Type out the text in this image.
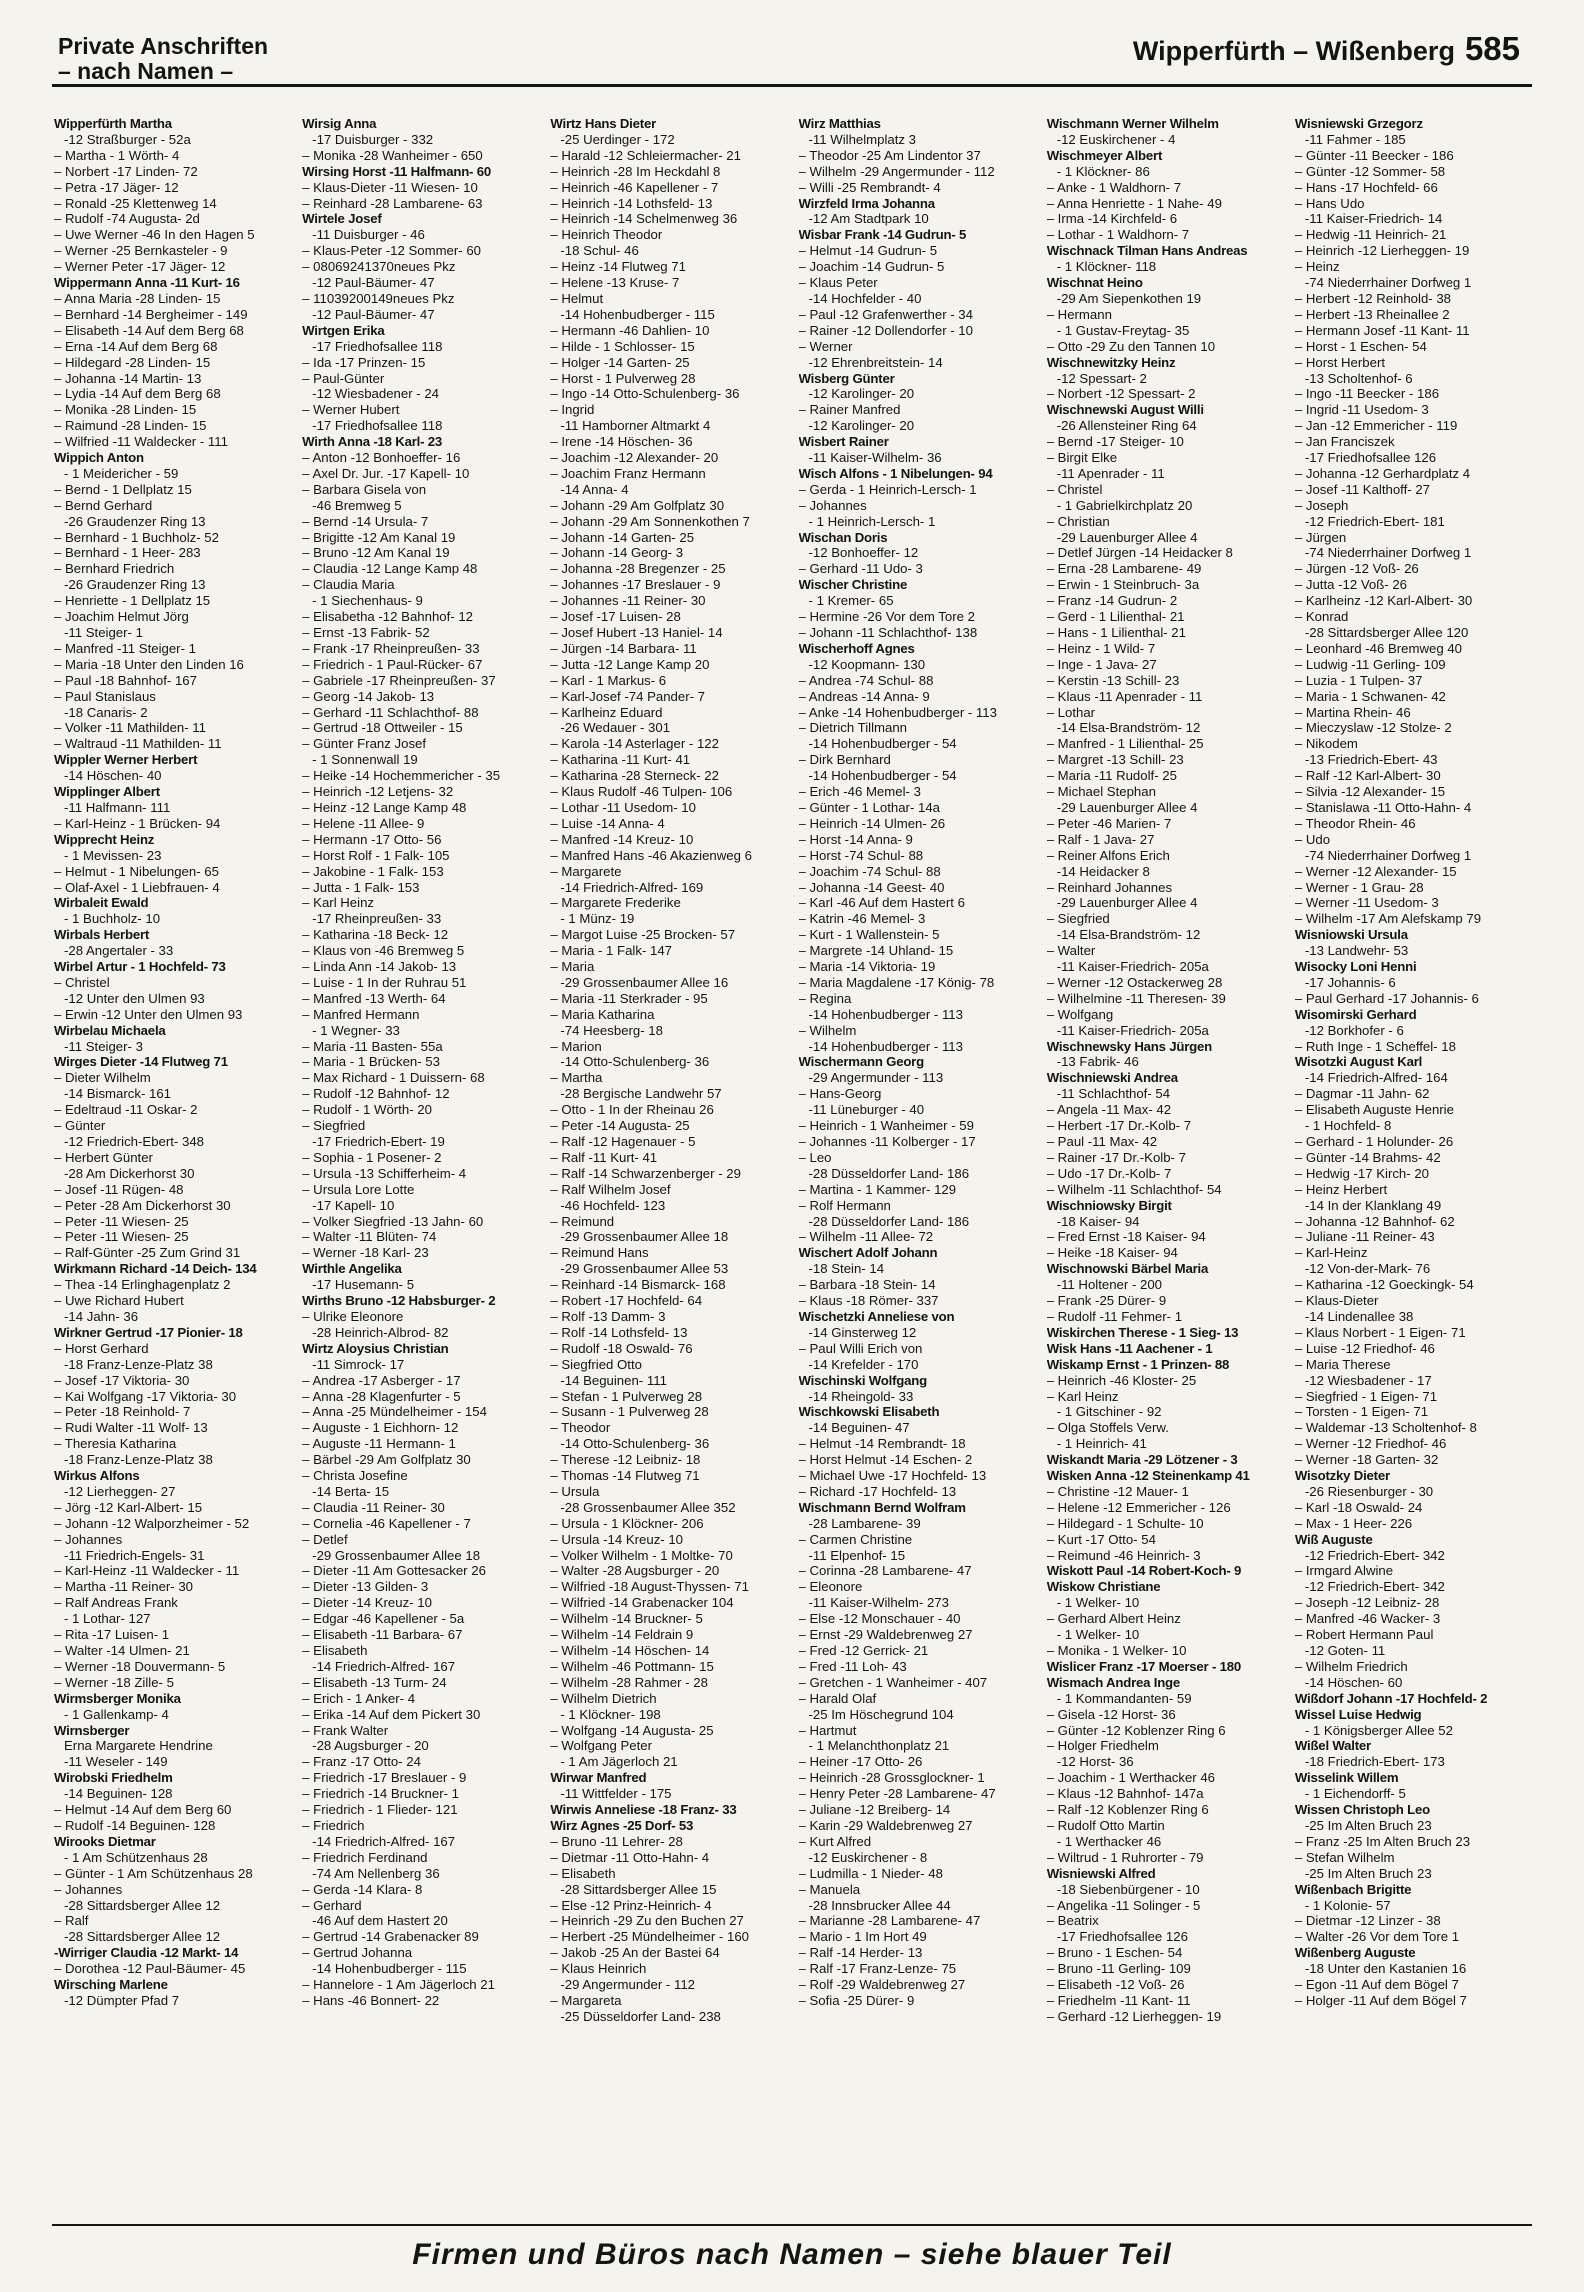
Private Anschriften
– nach Namen –
Wipperfürth – Wißenberg 585
Wipperfürth Martha
-12 Straßburger - 52a
– Martha - 1 Wörth- 4
– Norbert -17 Linden- 72
– Petra -17 Jäger- 12
– Ronald -25 Klettenweg 14
– Rudolf -74 Augusta- 2d
– Uwe Werner -46 In den Hagen 5
– Werner -25 Bernkasteler - 9
– Werner Peter -17 Jäger- 12
Wippermann Anna -11 Kurt- 16
– Anna Maria -28 Linden- 15
– Bernhard -14 Bergheimer - 149
– Elisabeth -14 Auf dem Berg 68
– Erna -14 Auf dem Berg 68
– Hildegard -28 Linden- 15
– Johanna -14 Martin- 13
– Lydia -14 Auf dem Berg 68
– Monika -28 Linden- 15
– Raimund -28 Linden- 15
– Wilfried -11 Waldecker - 111
Wippich Anton
- 1 Meidericher - 59
– Bernd - 1 Dellplatz 15
– Bernd Gerhard
-26 Graudenzer Ring 13
– Bernhard - 1 Buchholz- 52
– Bernhard - 1 Heer- 283
– Bernhard Friedrich
-26 Graudenzer Ring 13
– Henriette - 1 Dellplatz 15
– Joachim Helmut Jörg
-11 Steiger- 1
– Manfred -11 Steiger- 1
– Maria -18 Unter den Linden 16
– Paul -18 Bahnhof- 167
– Paul Stanislaus
-18 Canaris- 2
– Volker -11 Mathilden- 11
– Waltraud -11 Mathilden- 11
Wippler Werner Herbert
-14 Höschen- 40
Wipplinger Albert
-11 Halfmann- 111
– Karl-Heinz - 1 Brücken- 94
Wipprecht Heinz
- 1 Mevissen- 23
– Helmut - 1 Nibelungen- 65
– Olaf-Axel - 1 Liebfrauen- 4
Wirbaleit Ewald
- 1 Buchholz- 10
Wirbals Herbert
-28 Angertaler - 33
Wirbel Artur - 1 Hochfeld- 73
– Christel
-12 Unter den Ulmen 93
– Erwin -12 Unter den Ulmen 93
Wirbelau Michaela
-11 Steiger- 3
Wirges Dieter -14 Flutweg 71
– Dieter Wilhelm
-14 Bismarck- 161
– Edeltraud -11 Oskar- 2
– Günter
-12 Friedrich-Ebert- 348
– Herbert Günter
-28 Am Dickerhorst 30
– Josef -11 Rügen- 48
– Peter -28 Am Dickerhorst 30
– Peter -11 Wiesen- 25
– Peter -11 Wiesen- 25
– Ralf-Günter -25 Zum Grind 31
Wirkmann Richard -14 Deich- 134
– Thea -14 Erlinghagenplatz 2
– Uwe Richard Hubert
-14 Jahn- 36
Wirkner Gertrud -17 Pionier- 18
– Horst Gerhard
-18 Franz-Lenze-Platz 38
– Josef -17 Viktoria- 30
– Kai Wolfgang -17 Viktoria- 30
– Peter -18 Reinhold- 7
– Rudi Walter -11 Wolf- 13
– Theresia Katharina
-18 Franz-Lenze-Platz 38
Wirkus Alfons
-12 Lierheggen- 27
– Jörg -12 Karl-Albert- 15
– Johann -12 Walporzheimer - 52
– Johannes
-11 Friedrich-Engels- 31
– Karl-Heinz -11 Waldecker - 11
– Martha -11 Reiner- 30
– Ralf Andreas Frank
- 1 Lothar- 127
– Rita -17 Luisen- 1
– Walter -14 Ulmen- 21
– Werner -18 Douvermann- 5
– Werner -18 Zille- 5
Wirmsberger Monika
- 1 Gallenkamp- 4
Wirnsberger
Erna Margarete Hendrine
-11 Weseler - 149
Wirobski Friedhelm
-14 Beguinen- 128
– Helmut -14 Auf dem Berg 60
– Rudolf -14 Beguinen- 128
Wirooks Dietmar
- 1 Am Schützenhaus 28
– Günter - 1 Am Schützenhaus 28
– Johannes
-28 Sittardsberger Allee 12
– Ralf
-28 Sittardsberger Allee 12
-Wirriger Claudia -12 Markt- 14
– Dorothea -12 Paul-Bäumer- 45
Wirsching Marlene
-12 Dümpter Pfad 7
Wirsig Anna
-17 Duisburger - 332
– Monika -28 Wanheimer - 650
Wirsing Horst -11 Halfmann- 60
– Klaus-Dieter -11 Wiesen- 10
– Reinhard -28 Lambarene- 63
Wirtele Josef
-11 Duisburger - 46
– Klaus-Peter -12 Sommer- 60
– 08069241370neues Pkz
-12 Paul-Bäumer- 47
– 11039200149neues Pkz
-12 Paul-Bäumer- 47
Wirtgen Erika
-17 Friedhofsallee 118
– Ida -17 Prinzen- 15
– Paul-Günter
-12 Wiesbadener - 24
– Werner Hubert
-17 Friedhofsallee 118
Wirth Anna -18 Karl- 23
– Anton -12 Bonhoeffer- 16
– Axel Dr. Jur. -17 Kapell- 10
– Barbara Gisela von
-46 Bremweg 5
– Bernd -14 Ursula- 7
– Brigitte -12 Am Kanal 19
– Bruno -12 Am Kanal 19
– Claudia -12 Lange Kamp 48
– Claudia Maria
- 1 Siechenhaus- 9
– Elisabetha -12 Bahnhof- 12
– Ernst -13 Fabrik- 52
– Frank -17 Rheinpreußen- 33
– Friedrich - 1 Paul-Rücker- 67
– Gabriele -17 Rheinpreußen- 37
– Georg -14 Jakob- 13
– Gerhard -11 Schlachthof- 88
– Gertrud -18 Ottweiler - 15
– Günter Franz Josef
- 1 Sonnenwall 19
– Heike -14 Hochemmericher - 35
– Heinrich -12 Letjens- 32
– Heinz -12 Lange Kamp 48
– Helene -11 Allee- 9
– Hermann -17 Otto- 56
– Horst Rolf - 1 Falk- 105
– Jakobine - 1 Falk- 153
– Jutta - 1 Falk- 153
– Karl Heinz
-17 Rheinpreußen- 33
– Katharina -18 Beck- 12
– Klaus von -46 Bremweg 5
– Linda Ann -14 Jakob- 13
– Luise - 1 In der Ruhrau 51
– Manfred -13 Werth- 64
– Manfred Hermann
- 1 Wegner- 33
– Maria -11 Basten- 55a
– Maria - 1 Brücken- 53
– Max Richard - 1 Duissern- 68
– Rudolf -12 Bahnhof- 12
– Rudolf - 1 Wörth- 20
– Siegfried
-17 Friedrich-Ebert- 19
– Sophia - 1 Posener- 2
– Ursula -13 Schifferheim- 4
– Ursula Lore Lotte
-17 Kapell- 10
– Volker Siegfried -13 Jahn- 60
– Walter -11 Blüten- 74
– Werner -18 Karl- 23
Wirthle Angelika
-17 Husemann- 5
Wirths Bruno -12 Habsburger- 2
– Ulrike Eleonore
-28 Heinrich-Albrod- 82
Wirtz Aloysius Christian
-11 Simrock- 17
– Andrea -17 Asberger - 17
– Anna -28 Klagenfurter - 5
– Anna -25 Mündelheimer - 154
– Auguste - 1 Eichhorn- 12
– Auguste -11 Hermann- 1
– Bärbel -29 Am Golfplatz 30
– Christa Josefine
-14 Berta- 15
– Claudia -11 Reiner- 30
– Cornelia -46 Kapellener - 7
– Detlef
-29 Grossenbaumer Allee 18
– Dieter -11 Am Gottesacker 26
– Dieter -13 Gilden- 3
– Dieter -14 Kreuz- 10
– Edgar -46 Kapellener - 5a
– Elisabeth -11 Barbara- 67
– Elisabeth
-14 Friedrich-Alfred- 167
– Elisabeth -13 Turm- 24
– Erich - 1 Anker- 4
– Erika -14 Auf dem Pickert 30
– Frank Walter
-28 Augsburger - 20
– Franz -17 Otto- 24
– Friedrich -17 Breslauer - 9
– Friedrich -14 Bruckner- 1
– Friedrich - 1 Flieder- 121
– Friedrich
-14 Friedrich-Alfred- 167
– Friedrich Ferdinand
-74 Am Nellenberg 36
– Gerda -14 Klara- 8
– Gerhard
-46 Auf dem Hastert 20
– Gertrud -14 Grabenacker 89
– Gertrud Johanna
-14 Hohenbudberger - 115
– Hannelore - 1 Am Jägerloch 21
– Hans -46 Bonnert- 22
Wirtz Hans Dieter
-25 Uerdinger - 172
– Harald -12 Schleiermacher- 21
– Heinrich -28 Im Heckdahl 8
– Heinrich -46 Kapellener - 7
– Heinrich -14 Lothsfeld- 13
– Heinrich -14 Schelmenweg 36
– Heinrich Theodor
-18 Schul- 46
– Heinz -14 Flutweg 71
– Helene -13 Kruse- 7
– Helmut
-14 Hohenbudberger - 115
– Hermann -46 Dahlien- 10
– Hilde - 1 Schlosser- 15
– Holger -14 Garten- 25
– Horst - 1 Pulverweg 28
– Ingo -14 Otto-Schulenberg- 36
– Ingrid
-11 Hamborner Altmarkt 4
– Irene -14 Höschen- 36
– Joachim -12 Alexander- 20
– Joachim Franz Hermann
-14 Anna- 4
– Johann -29 Am Golfplatz 30
– Johann -29 Am Sonnenkothen 7
– Johann -14 Garten- 25
– Johann -14 Georg- 3
– Johanna -28 Bregenzer - 25
– Johannes -17 Breslauer - 9
– Johannes -11 Reiner- 30
– Josef -17 Luisen- 28
– Josef Hubert -13 Haniel- 14
– Jürgen -14 Barbara- 11
– Jutta -12 Lange Kamp 20
– Karl - 1 Markus- 6
– Karl-Josef -74 Pander- 7
– Karlheinz Eduard
-26 Wedauer - 301
– Karola -14 Asterlager - 122
– Katharina -11 Kurt- 41
– Katharina -28 Sterneck- 22
– Klaus Rudolf -46 Tulpen- 106
– Lothar -11 Usedom- 10
– Luise -14 Anna- 4
– Manfred -14 Kreuz- 10
– Manfred Hans -46 Akazienweg 6
– Margarete
-14 Friedrich-Alfred- 169
– Margarete Frederike
- 1 Münz- 19
– Margot Luise -25 Brocken- 57
– Maria - 1 Falk- 147
– Maria
-29 Grossenbaumer Allee 16
– Maria -11 Sterkrader - 95
– Maria Katharina
-74 Heesberg- 18
– Marion
-14 Otto-Schulenberg- 36
– Martha
-28 Bergische Landwehr 57
– Otto - 1 In der Rheinau 26
– Peter -14 Augusta- 25
– Ralf -12 Hagenauer - 5
– Ralf -11 Kurt- 41
– Ralf -14 Schwarzenberger - 29
– Ralf Wilhelm Josef
-46 Hochfeld- 123
– Reimund
-29 Grossenbaumer Allee 18
– Reimund Hans
-29 Grossenbaumer Allee 53
– Reinhard -14 Bismarck- 168
– Robert -17 Hochfeld- 64
– Rolf -13 Damm- 3
– Rolf -14 Lothsfeld- 13
– Rudolf -18 Oswald- 76
– Siegfried Otto
-14 Beguinen- 111
– Stefan - 1 Pulverweg 28
– Susann - 1 Pulverweg 28
– Theodor
-14 Otto-Schulenberg- 36
– Therese -12 Leibniz- 18
– Thomas -14 Flutweg 71
– Ursula
-28 Grossenbaumer Allee 352
– Ursula - 1 Klöckner- 206
– Ursula -14 Kreuz- 10
– Volker Wilhelm - 1 Moltke- 70
– Walter -28 Augsburger - 20
– Wilfried -18 August-Thyssen- 71
– Wilfried -14 Grabenacker 104
– Wilhelm -14 Bruckner- 5
– Wilhelm -14 Feldrain 9
– Wilhelm -14 Höschen- 14
– Wilhelm -46 Pottmann- 15
– Wilhelm -28 Rahmer - 28
– Wilhelm Dietrich
- 1 Klöckner- 198
– Wolfgang -14 Augusta- 25
– Wolfgang Peter
- 1 Am Jägerloch 21
Wirwar Manfred
-11 Wittfelder - 175
Wirwis Anneliese -18 Franz- 33
Wirz Agnes -25 Dorf- 53
– Bruno -11 Lehrer- 28
– Dietmar -11 Otto-Hahn- 4
– Elisabeth
-28 Sittardsberger Allee 15
– Else -12 Prinz-Heinrich- 4
– Heinrich -29 Zu den Buchen 27
– Herbert -25 Mündelheimer - 160
– Jakob -25 An der Bastei 64
– Klaus Heinrich
-29 Angermunder - 112
– Margareta
-25 Düsseldorfer Land- 238
Wirz Matthias
-11 Wilhelmplatz 3
– Theodor -25 Am Lindentor 37
– Wilhelm -29 Angermunder - 112
– Willi -25 Rembrandt- 4
Wirzfeld Irma Johanna
-12 Am Stadtpark 10
Wisbar Frank -14 Gudrun- 5
– Helmut -14 Gudrun- 5
– Joachim -14 Gudrun- 5
– Klaus Peter
-14 Hochfelder - 40
– Paul -12 Grafenwerther - 34
– Rainer -12 Dollendorfer - 10
– Werner
-12 Ehrenbreitstein- 14
Wisberg Günter
-12 Karolinger- 20
– Rainer Manfred
-12 Karolinger- 20
Wisbert Rainer
-11 Kaiser-Wilhelm- 36
Wisch Alfons - 1 Nibelungen- 94
– Gerda - 1 Heinrich-Lersch- 1
– Johannes
- 1 Heinrich-Lersch- 1
Wischan Doris
-12 Bonhoeffer- 12
– Gerhard -11 Udo- 3
Wischer Christine
- 1 Kremer- 65
– Hermine -26 Vor dem Tore 2
– Johann -11 Schlachthof- 138
Wischerhoff Agnes
-12 Koopmann- 130
– Andrea -74 Schul- 88
– Andreas -14 Anna- 9
– Anke -14 Hohenbudberger - 113
– Dietrich Tillmann
-14 Hohenbudberger - 54
– Dirk Bernhard
-14 Hohenbudberger - 54
– Erich -46 Memel- 3
– Günter - 1 Lothar- 14a
– Heinrich -14 Ulmen- 26
– Horst -14 Anna- 9
– Horst -74 Schul- 88
– Joachim -74 Schul- 88
– Johanna -14 Geest- 40
– Karl -46 Auf dem Hastert 6
– Katrin -46 Memel- 3
– Kurt - 1 Wallenstein- 5
– Margrete -14 Uhland- 15
– Maria -14 Viktoria- 19
– Maria Magdalene -17 König- 78
– Regina
-14 Hohenbudberger - 113
– Wilhelm
-14 Hohenbudberger - 113
Wischermann Georg
-29 Angermunder - 113
– Hans-Georg
-11 Lüneburger - 40
– Heinrich - 1 Wanheimer - 59
– Johannes -11 Kolberger - 17
– Leo
-28 Düsseldorfer Land- 186
– Martina - 1 Kammer- 129
– Rolf Hermann
-28 Düsseldorfer Land- 186
– Wilhelm -11 Allee- 72
Wischert Adolf Johann
-18 Stein- 14
– Barbara -18 Stein- 14
– Klaus -18 Römer- 337
Wischetzki Anneliese von
-14 Ginsterweg 12
– Paul Willi Erich von
-14 Krefelder - 170
Wischinski Wolfgang
-14 Rheingold- 33
Wischkowski Elisabeth
-14 Beguinen- 47
– Helmut -14 Rembrandt- 18
– Horst Helmut -14 Eschen- 2
– Michael Uwe -17 Hochfeld- 13
– Richard -17 Hochfeld- 13
Wischmann Bernd Wolfram
-28 Lambarene- 39
– Carmen Christine
-11 Elpenhof- 15
– Corinna -28 Lambarene- 47
– Eleonore
-11 Kaiser-Wilhelm- 273
– Else -12 Monschauer - 40
– Ernst -29 Waldebrenweg 27
– Fred -12 Gerrick- 21
– Fred -11 Loh- 43
– Gretchen - 1 Wanheimer - 407
– Harald Olaf
-25 Im Höschegrund 104
– Hartmut
- 1 Melanchthonplatz 21
– Heiner -17 Otto- 26
– Heinrich -28 Grossglockner- 1
– Henry Peter -28 Lambarene- 47
– Juliane -12 Breiberg- 14
– Karin -29 Waldebrenweg 27
– Kurt Alfred
-12 Euskirchener - 8
– Ludmilla - 1 Nieder- 48
– Manuela
-28 Innsbrucker Allee 44
– Marianne -28 Lambarene- 47
– Mario - 1 Im Hort 49
– Ralf -14 Herder- 13
– Ralf -17 Franz-Lenze- 75
– Rolf -29 Waldebrenweg 27
– Sofia -25 Dürer- 9
Wischmann Werner Wilhelm
-12 Euskirchener - 4
Wischmeyer Albert
- 1 Klöckner- 86
– Anke - 1 Waldhorn- 7
– Anna Henriette - 1 Nahe- 49
– Irma -14 Kirchfeld- 6
– Lothar - 1 Waldhorn- 7
Wischnack Tilman Hans Andreas
- 1 Klöckner- 118
Wischnat Heino
-29 Am Siepenkothen 19
– Hermann
- 1 Gustav-Freytag- 35
– Otto -29 Zu den Tannen 10
Wischnewitzky Heinz
-12 Spessart- 2
– Norbert -12 Spessart- 2
Wischnewski August Willi
-26 Allensteiner Ring 64
– Bernd -17 Steiger- 10
– Birgit Elke
-11 Apenrader - 11
– Christel
- 1 Gabrielkirchplatz 20
– Christian
-29 Lauenburger Allee 4
– Detlef Jürgen -14 Heidacker 8
– Erna -28 Lambarene- 49
– Erwin - 1 Steinbruch- 3a
– Franz -14 Gudrun- 2
– Gerd - 1 Lilienthal- 21
– Hans - 1 Lilienthal- 21
– Heinz - 1 Wild- 7
– Inge - 1 Java- 27
– Kerstin -13 Schill- 23
– Klaus -11 Apenrader - 11
– Lothar
-14 Elsa-Brandström- 12
– Manfred - 1 Lilienthal- 25
– Margret -13 Schill- 23
– Maria -11 Rudolf- 25
– Michael Stephan
-29 Lauenburger Allee 4
– Peter -46 Marien- 7
– Ralf - 1 Java- 27
– Reiner Alfons Erich
-14 Heidacker 8
– Reinhard Johannes
-29 Lauenburger Allee 4
– Siegfried
-14 Elsa-Brandström- 12
– Walter
-11 Kaiser-Friedrich- 205a
– Werner -12 Ostackerweg 28
– Wilhelmine -11 Theresen- 39
– Wolfgang
-11 Kaiser-Friedrich- 205a
Wischnewsky Hans Jürgen
-13 Fabrik- 46
Wischniewski Andrea
-11 Schlachthof- 54
– Angela -11 Max- 42
– Herbert -17 Dr.-Kolb- 7
– Paul -11 Max- 42
– Rainer -17 Dr.-Kolb- 7
– Udo -17 Dr.-Kolb- 7
– Wilhelm -11 Schlachthof- 54
Wischniowsky Birgit
-18 Kaiser- 94
– Fred Ernst -18 Kaiser- 94
– Heike -18 Kaiser- 94
Wischnowski Bärbel Maria
-11 Holtener - 200
– Frank -25 Dürer- 9
– Rudolf -11 Fehmer- 1
Wiskirchen Therese - 1 Sieg- 13
Wisk Hans -11 Aachener - 1
Wiskamp Ernst - 1 Prinzen- 88
– Heinrich -46 Kloster- 25
– Karl Heinz
- 1 Gitschiner - 92
– Olga Stoffels Verw.
- 1 Heinrich- 41
Wiskandt Maria -29 Lötzener - 3
Wisken Anna -12 Steinenkamp 41
– Christine -12 Mauer- 1
– Helene -12 Emmericher - 126
– Hildegard - 1 Schulte- 10
– Kurt -17 Otto- 54
– Reimund -46 Heinrich- 3
Wiskott Paul -14 Robert-Koch- 9
Wiskow Christiane
- 1 Welker- 10
– Gerhard Albert Heinz
- 1 Welker- 10
– Monika - 1 Welker- 10
Wislicer Franz -17 Moerser - 180
Wismach Andrea Inge
- 1 Kommandanten- 59
– Gisela -12 Horst- 36
– Günter -12 Koblenzer Ring 6
– Holger Friedhelm
-12 Horst- 36
– Joachim - 1 Werthacker 46
– Klaus -12 Bahnhof- 147a
– Ralf -12 Koblenzer Ring 6
– Rudolf Otto Martin
- 1 Werthacker 46
– Wiltrud - 1 Ruhrorter - 79
Wisniewski Alfred
-18 Siebenbürgener - 10
– Angelika -11 Solinger - 5
– Beatrix
-17 Friedhofsallee 126
– Bruno - 1 Eschen- 54
– Bruno -11 Gerling- 109
– Elisabeth -12 Voß- 26
– Friedhelm -11 Kant- 11
– Gerhard -12 Lierheggen- 19
Wisniewski Grzegorz
-11 Fahmer - 185
– Günter -11 Beecker - 186
– Günter -12 Sommer- 58
– Hans -17 Hochfeld- 66
– Hans Udo
-11 Kaiser-Friedrich- 14
– Hedwig -11 Heinrich- 21
– Heinrich -12 Lierheggen- 19
– Heinz
-74 Niederrhainer Dorfweg 1
– Herbert -12 Reinhold- 38
– Herbert -13 Rheinallee 2
– Hermann Josef -11 Kant- 11
– Horst - 1 Eschen- 54
– Horst Herbert
-13 Scholtenhof- 6
– Ingo -11 Beecker - 186
– Ingrid -11 Usedom- 3
– Jan -12 Emmericher - 119
– Jan Franciszek
-17 Friedhofsallee 126
– Johanna -12 Gerhardplatz 4
– Josef -11 Kalthoff- 27
– Joseph
-12 Friedrich-Ebert- 181
– Jürgen
-74 Niederrhainer Dorfweg 1
– Jürgen -12 Voß- 26
– Jutta -12 Voß- 26
– Karlheinz -12 Karl-Albert- 30
– Konrad
-28 Sittardsberger Allee 120
– Leonhard -46 Bremweg 40
– Ludwig -11 Gerling- 109
– Luzia - 1 Tulpen- 37
– Maria - 1 Schwanen- 42
– Martina Rhein- 46
– Mieczyslaw -12 Stolze- 2
– Nikodem
-13 Friedrich-Ebert- 43
– Ralf -12 Karl-Albert- 30
– Silvia -12 Alexander- 15
– Stanislawa -11 Otto-Hahn- 4
– Theodor Rhein- 46
– Udo
-74 Niederrhainer Dorfweg 1
– Werner -12 Alexander- 15
– Werner - 1 Grau- 28
– Werner -11 Usedom- 3
– Wilhelm -17 Am Alefskamp 79
Wisniowski Ursula
-13 Landwehr- 53
Wisocky Loni Henni
-17 Johannis- 6
– Paul Gerhard -17 Johannis- 6
Wisomirski Gerhard
-12 Borkhofer - 6
– Ruth Inge - 1 Scheffel- 18
Wisotzki August Karl
-14 Friedrich-Alfred- 164
– Dagmar -11 Jahn- 62
– Elisabeth Auguste Henrie
- 1 Hochfeld- 8
– Gerhard - 1 Holunder- 26
– Günter -14 Brahms- 42
– Hedwig -17 Kirch- 20
– Heinz Herbert
-14 In der Klanklang 49
– Johanna -12 Bahnhof- 62
– Juliane -11 Reiner- 43
– Karl-Heinz
-12 Von-der-Mark- 76
– Katharina -12 Goeckingk- 54
– Klaus-Dieter
-14 Lindenallee 38
– Klaus Norbert - 1 Eigen- 71
– Luise -12 Friedhof- 46
– Maria Therese
-12 Wiesbadener - 17
– Siegfried - 1 Eigen- 71
– Torsten - 1 Eigen- 71
– Waldemar -13 Scholtenhof- 8
– Werner -12 Friedhof- 46
– Werner -18 Garten- 32
Wisotzky Dieter
-26 Riesenburger - 30
– Karl -18 Oswald- 24
– Max - 1 Heer- 226
Wiß Auguste
-12 Friedrich-Ebert- 342
– Irmgard Alwine
-12 Friedrich-Ebert- 342
– Joseph -12 Leibniz- 28
– Manfred -46 Wacker- 3
– Robert Hermann Paul
-12 Goten- 11
– Wilhelm Friedrich
-14 Höschen- 60
Wißdorf Johann -17 Hochfeld- 2
Wissel Luise Hedwig
- 1 Königsberger Allee 52
Wißel Walter
-18 Friedrich-Ebert- 173
Wisselink Willem
- 1 Eichendorff- 5
Wissen Christoph Leo
-25 Im Alten Bruch 23
– Franz -25 Im Alten Bruch 23
– Stefan Wilhelm
-25 Im Alten Bruch 23
Wißenbach Brigitte
- 1 Kolonie- 57
– Dietmar -12 Linzer - 38
– Walter -26 Vor dem Tore 1
Wißenberg Auguste
-18 Unter den Kastanien 16
– Egon -11 Auf dem Bögel 7
– Holger -11 Auf dem Bögel 7
Firmen und Büros nach Namen – siehe blauer Teil
